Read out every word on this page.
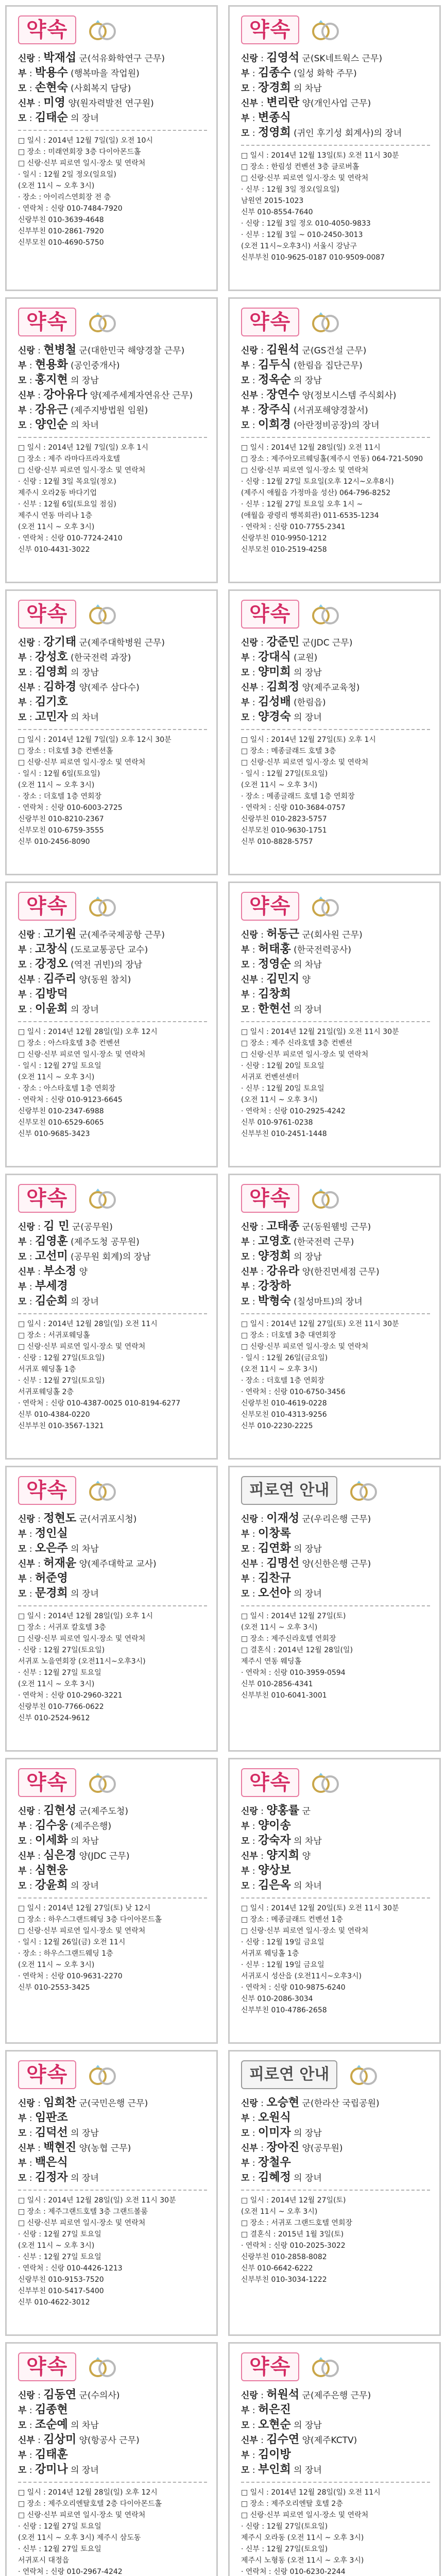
약속
신랑 : 박재섭 군(석유화학연구 근무)
부 : 박용수 (행복마을 작업원)
모 : 손현숙 (사회복지 담당)
신부 : 미영 양(원자력발전 연구원)
모 : 김태순 의 장녀
□ 일시 : 2014년 12월 7일(일) 오전 10시
□ 장소 : 미래연회장 3층 다이아몬드홀
□ 신랑·신부 피로연 일시·장소 및 연락처
· 일시 : 12월 2일 정오(일요일)
(오전 11시 ~ 오후 3시)
· 장소 : 아이리스연회장 전 층
· 연락처 : 신랑 010-7484-7920
신랑부친 010-3639-4648
신부부친 010-2861-7920
신부모친 010-4690-5750
약속
신랑 : 김영석 군(SK네트웍스 근무)
부 : 김종수 (일성 화학 주무)
모 : 장경희 의 차남
신부 : 변리란 양(개인사업 근무)
부 : 변종식
모 : 정영희 (귀인 후기성 회계사)의 장녀
□ 일시 : 2014년 12월 13일(토) 오전 11시 30분
□ 장소 : 한림성 컨벤션 3층 클로버홀
□ 신랑·신부 피로연 일시·장소 및 연락처
· 신부 : 12월 3일 정오(일요일)
남원연 2015-1023
신부 010-8554-7640
· 신랑 : 12월 3일 정오 010-4050-9833
· 신부 : 12월 3일 ~ 010-2450-3013
(오전 11시~오후3시) 서울시 강남구
신부부친 010-9625-0187 010-9509-0087
약속
신랑 : 현병철 군(대한민국 해양경찰 근무)
부 : 현용화 (공인중개사)
모 : 홍지현 의 장남
신부 : 강아유다 양(제주세계자연유산 근무)
부 : 강유근 (제주지방법원 임원)
모 : 양인순 의 차녀
□ 일시 : 2014년 12월 7일(일) 오후 1시
□ 장소 : 제주 라마다프라자호텔
□ 신랑·신부 피로연 일시·장소 및 연락처
· 신랑 : 12월 3일 목요일(정오)
제주시 오라2동 바다기업
· 신부 : 12월 6일(토요일 점심)
제주시 연동 마리나 1층
(오전 11시 ~ 오후 3시)
· 연락처 : 신랑 010-7724-2410
신부 010-4431-3022
약속
신랑 : 김원석 군(GS건설 근무)
부 : 김두식 (한림읍 집단근무)
모 : 정옥순 의 장남
신부 : 장연수 양(정보시스템 주식회사)
부 : 장주식 (서귀포해양경찰서)
모 : 이희경 (아란정비공장)의 장녀
□ 일시 : 2014년 12월 28일(일) 오전 11시
□ 장소 : 제주아모르웨딩홀(제주시 연동) 064-721-5090
□ 신랑·신부 피로연 일시·장소 및 연락처
· 신랑 : 12월 27일 토요일(오후 12시~오후8시)
(제주시 애월읍 가정마을 성산) 064-796-8252
· 신부 : 12월 27일 토요일 오후 1시 ~
(애월읍 광령리 행복회관) 011-6535-1234
· 연락처 : 신랑 010-7755-2341
신랑부친 010-9950-1212
신부모친 010-2519-4258
약속
신랑 : 강기태 군(제주대학병원 근무)
부 : 강성호 (한국전력 과장)
모 : 김영희 의 장남
신부 : 김하경 양(제주 삼다수)
부 : 김기호
모 : 고민자 의 차녀
□ 일시 : 2014년 12월 7일(일) 오후 12시 30분
□ 장소 : 더호텔 3층 컨벤션홀
□ 신랑·신부 피로연 일시·장소 및 연락처
· 일시 : 12월 6일(토요일)
(오전 11시 ~ 오후 3시)
· 장소 : 더호텔 1층 연회장
· 연락처 : 신랑 010-6003-2725
신랑부친 010-8210-2367
신부모친 010-6759-3555
신부 010-2456-8090
약속
신랑 : 강준민 군(JDC 근무)
부 : 강대식 (교원)
모 : 양미희 의 장남
신부 : 김희정 양(제주교육청)
부 : 김성배 (한림읍)
모 : 양경숙 의 장녀
□ 일시 : 2014년 12월 27일(토) 오후 1시
□ 장소 : 메종글래드 호텔 3층
□ 신랑·신부 피로연 일시·장소 및 연락처
· 일시 : 12월 27일(토요일)
(오전 11시 ~ 오후 3시)
· 장소 : 메종글래드 호텔 1층 연회장
· 연락처 : 신랑 010-3684-0757
신랑부친 010-2823-5757
신부모친 010-9630-1751
신부 010-8828-5757
약속
신랑 : 고기원 군(제주국제공항 근무)
부 : 고창식 (도로교통공단 교수)
모 : 강정오 (역전 귀빈)의 장남
신부 : 김주리 양(동원 참치)
부 : 김방덕
모 : 이윤희 의 장녀
□ 일시 : 2014년 12월 28일(일) 오후 12시
□ 장소 : 아스타호텔 3층 컨벤션
□ 신랑·신부 피로연 일시·장소 및 연락처
· 일시 : 12월 27일 토요일
(오전 11시 ~ 오후 3시)
· 장소 : 아스타호텔 1층 연회장
· 연락처 : 신랑 010-9123-6645
신랑부친 010-2347-6988
신부모친 010-6529-6065
신부 010-9685-3423
약속
신랑 : 허동근 군(회사원 근무)
부 : 허태홍 (한국전력공사)
모 : 정영순 의 차남
신부 : 김민지 양
부 : 김창희
모 : 한현선 의 장녀
□ 일시 : 2014년 12월 21일(일) 오전 11시 30분
□ 장소 : 제주 신라호텔 3층 컨벤션
□ 신랑·신부 피로연 일시·장소 및 연락처
· 신랑 : 12월 20일 토요일
서귀포 컨벤션센터
· 신부 : 12월 20일 토요일
(오전 11시 ~ 오후 3시)
· 연락처 : 신랑 010-2925-4242
신부 010-9761-0238
신부부친 010-2451-1448
약속
신랑 : 김 민 군(공무원)
부 : 김영훈 (제주도청 공무원)
모 : 고선미 (공무원 회계)의 장남
신부 : 부소정 양
부 : 부세경
모 : 김순희 의 장녀
□ 일시 : 2014년 12월 28일(일) 오전 11시
□ 장소 : 서귀포웨딩홀
□ 신랑·신부 피로연 일시·장소 및 연락처
· 신랑 : 12월 27일(토요일)
서귀포 웨딩홀 1층
· 신부 : 12월 27일(토요일)
서귀포웨딩홀 2층
· 연락처 : 신랑 010-4387-0025 010-8194-6277
신부 010-4384-0220
신부부친 010-3567-1321
약속
신랑 : 고태종 군(동원웰빙 근무)
부 : 고영호 (한국전력 근무)
모 : 양정희 의 장남
신부 : 강유라 양(한진면세점 근무)
부 : 강창하
모 : 박형숙 (칠성마트)의 장녀
□ 일시 : 2014년 12월 27일(토) 오전 11시 30분
□ 장소 : 더호텔 3층 대연회장
□ 신랑·신부 피로연 일시·장소 및 연락처
· 일시 : 12월 26일(금요일)
(오전 11시 ~ 오후 3시)
· 장소 : 더호텔 1층 연회장
· 연락처 : 신랑 010-6750-3456
신랑부친 010-4619-0228
신부모친 010-4313-9256
신부 010-2230-2225
약속
신랑 : 정현도 군(서귀포시청)
부 : 정인실
모 : 오은주 의 차남
신부 : 허재윤 양(제주대학교 교사)
부 : 허준영
모 : 문경희 의 장녀
□ 일시 : 2014년 12월 28일(일) 오후 1시
□ 장소 : 서귀포 칼호텔 3층
□ 신랑·신부 피로연 일시·장소 및 연락처
· 신랑 : 12월 27일(토요일)
서귀포 노을연회장 (오전11시~오후3시)
· 신부 : 12월 27일 토요일
(오전 11시 ~ 오후 3시)
· 연락처 : 신랑 010-2960-3221
신랑부친 010-7766-0622
신부 010-2524-9612
피로연 안내
신랑 : 이재성 군(우리은행 근무)
부 : 이창록
모 : 김연화 의 장남
신부 : 김명선 양(신한은행 근무)
부 : 김찬규
모 : 오선아 의 장녀
□ 일시 : 2014년 12월 27일(토)
(오전 11시 ~ 오후 3시)
□ 장소 : 제주신라호텔 연회장
□ 결혼식 : 2014년 12월 28일(일)
제주시 연동 웨딩홀
· 연락처 : 신랑 010-3959-0594
신부 010-2856-4341
신부부친 010-6041-3001
약속
신랑 : 김현성 군(제주도청)
부 : 김수웅 (제주은행)
모 : 이세화 의 차남
신부 : 심은경 양(JDC 근무)
부 : 심현웅
모 : 강윤희 의 장녀
□ 일시 : 2014년 12월 27일(토) 낮 12시
□ 장소 : 하우스그랜드웨딩 3층 다이아몬드홀
□ 신랑·신부 피로연 일시·장소 및 연락처
· 일시 : 12월 26일(금) 오전 11시
· 장소 : 하우스그랜드웨딩 1층
(오전 11시 ~ 오후 3시)
· 연락처 : 신랑 010-9631-2270
신부 010-2553-3425
약속
신랑 : 양홍률 군
부 : 양이송
모 : 강숙자 의 차남
신부 : 양지희 양
부 : 양상보
모 : 김은옥 의 차녀
□ 일시 : 2014년 12월 20일(토) 오전 11시 30분
□ 장소 : 메종글래드 컨벤션 1층
□ 신랑·신부 피로연 일시·장소 및 연락처
· 신랑 : 12월 19일 금요일
서귀포 웨딩홀 1층
· 신부 : 12월 19일 금요일
서귀포시 성산읍 (오전11시~오후3시)
· 연락처 : 신랑 010-9875-6240
신부 010-2086-3034
신부부친 010-4786-2658
약속
신랑 : 임희찬 군(국민은행 근무)
부 : 임판조
모 : 김덕선 의 장남
신부 : 백현진 양(농협 근무)
부 : 백은식
모 : 김정자 의 장녀
□ 일시 : 2014년 12월 28일(일) 오전 11시 30분
□ 장소 : 제주그랜드호텔 3층 그랜드볼룸
□ 신랑·신부 피로연 일시·장소 및 연락처
· 신랑 : 12월 27일 토요일
(오전 11시 ~ 오후 3시)
· 신부 : 12월 27일 토요일
· 연락처 : 신랑 010-4426-1213
신랑부친 010-9153-7520
신부부친 010-5417-5400
신부 010-4622-3012
피로연 안내
신랑 : 오승현 군(한라산 국립공원)
부 : 오원식
모 : 이미자 의 장남
신부 : 장아진 양(공무원)
부 : 장철우
모 : 김혜정 의 장녀
□ 일시 : 2014년 12월 27일(토)
(오전 11시 ~ 오후 3시)
□ 장소 : 서귀포 그랜드호텔 연회장
□ 결혼식 : 2015년 1월 3일(토)
· 연락처 : 신랑 010-2025-3022
신랑부친 010-2858-8082
신부 010-6642-6222
신부부친 010-3034-1222
약속
신랑 : 김동연 군(수의사)
부 : 김종현
모 : 조순예 의 차남
신부 : 김상미 양(항공사 근무)
부 : 김태훈
모 : 강미나 의 장녀
□ 일시 : 2014년 12월 28일(일) 오후 12시
□ 장소 : 제주오리엔탈호텔 2층 다이아몬드홀
□ 신랑·신부 피로연 일시·장소 및 연락처
· 신랑 : 12월 27일 토요일
(오전 11시 ~ 오후 3시) 제주시 삼도동
· 신부 : 12월 27일 토요일
서귀포시 대정읍
· 연락처 : 신랑 010-2967-4242
약속
신랑 : 허원석 군(제주은행 근무)
부 : 허은진
모 : 오현순 의 장남
신부 : 김수연 양(제주KCTV)
부 : 김이방
모 : 부인희 의 장녀
□ 일시 : 2014년 12월 28일(일) 오전 11시
□ 장소 : 제주오리엔탈 호텔 2층
□ 신랑·신부 피로연 일시·장소 및 연락처
· 신랑 : 12월 27일(토요일)
제주시 오라동 (오전 11시 ~ 오후 3시)
· 신부 : 12월 27일(토요일)
제주시 노형동 (오전 11시 ~ 오후 3시)
· 연락처 : 신랑 010-6230-2244
